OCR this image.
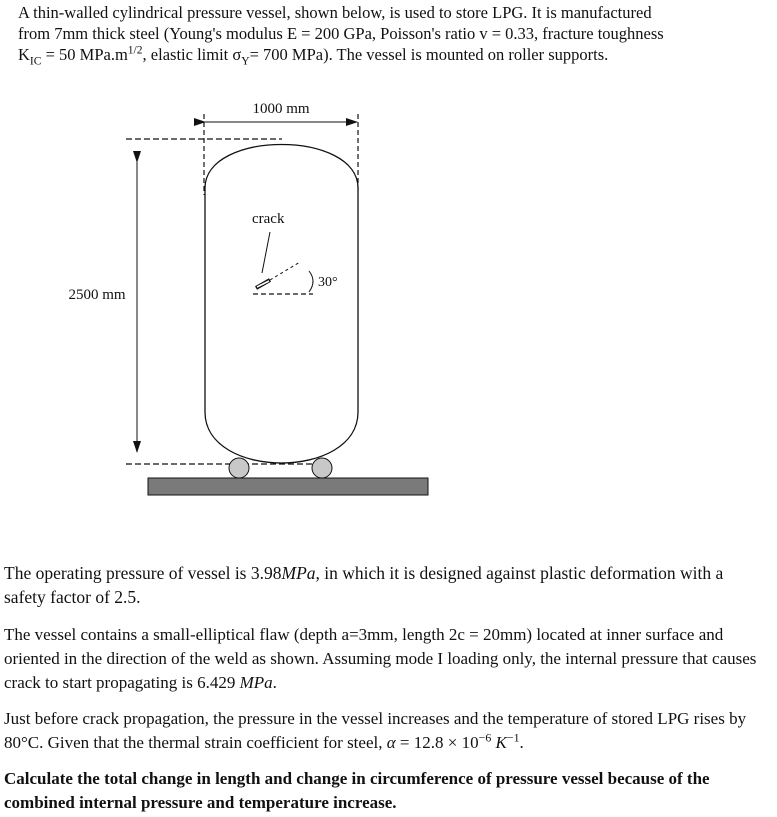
A thin-walled cylindrical pressure vessel, shown below, is used to store LPG. It is manufactured

from 7mm thick steel (Young's modulus E = 200 GPa, Poisson's ratio v = 0.33, fracture toughness

$K_{IC} = 50$ $MPa.m^{1/2}$, elastic limit $\sigma_Y= 700$ MPa). The vessel is mounted on roller supports.

1000 mm
2500 mm
crack
30°

The operating pressure of vessel is 3.98MPa, in which it is designed against plastic deformation with a safety factor of 2.5.

The vessel contains a small-elliptical flaw (depth a=3mm, length 2c = 20mm) located at inner surface and oriented in the direction of the weld as shown. Assuming mode I loading only, the internal pressure that causes crack to start propagating is 6.429 MPa.

Just before crack propagation, the pressure in the vessel increases and the temperature of stored LPG rises by 80°C. Given that the thermal strain coefficient for steel, $\alpha = 12.8 \times 10^{-6}$ $K^{-1}$.

Calculate the total change in length and change in circumference of pressure vessel because of the combined internal pressure and temperature increase.
